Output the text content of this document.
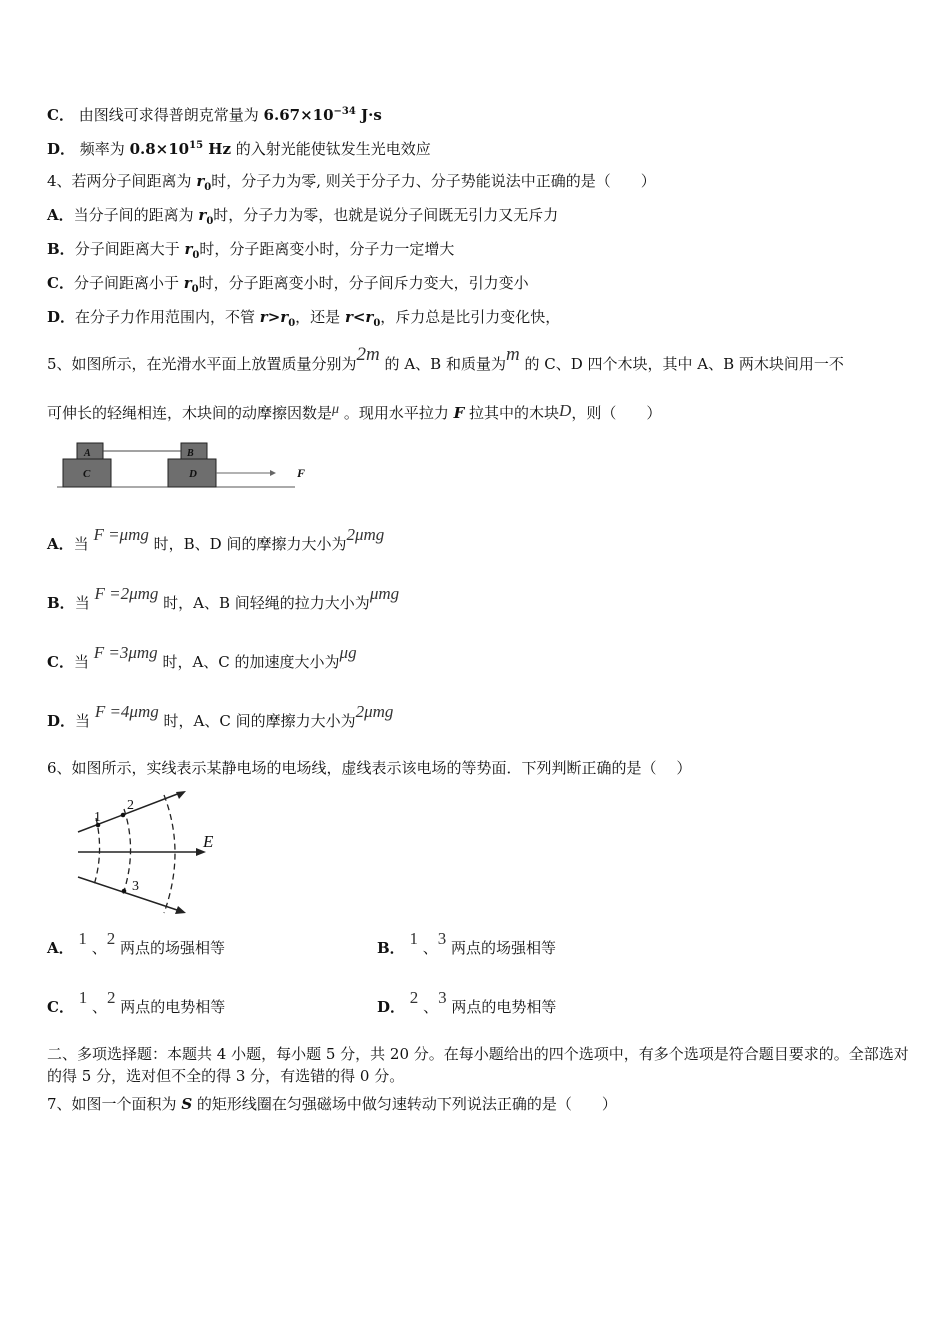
C． 由图线可求得普朗克常量为 $6.67\times 10^{-34}$ J·s
D． 频率为 $0.8\times 10^{15}$ Hz 的入射光能使钛发生光电效应
4、若两分子间距离为 $r_0$时，分子力为零, 则关于分子力、分子势能说法中正确的是（　　）
A．当分子间的距离为 $r_0$时，分子力为零，也就是说分子间既无引力又无斥力
B．分子间距离大于 $r_0$时，分子距离变小时，分子力一定增大
C．分子间距离小于 $r_0$时，分子距离变小时，分子间斥力变大，引力变小
D．在分子力作用范围内，不管 $r>r_0$，还是 $r<r_0$，斥力总是比引力变化快，
5、如图所示，在光滑水平面上放置质量分别为2m 的 A、B 和质量为m 的 C、D 四个木块，其中 A、B 两木块间用一不
可伸长的轻绳相连，木块间的动摩擦因数是μ 。现用水平拉力 F 拉其中的木块D，则（　　）
A
C
B
D	F
A．当 F =μmg 时，B、D 间的摩擦力大小为2μmg
B．当 F =2μmg 时，A、B 间轻绳的拉力大小为μmg
C．当 F =3μmg 时，A、C 的加速度大小为μg
D．当 F =4μmg 时，A、C 间的摩擦力大小为2μmg
6、如图所示，实线表示某静电场的电场线，虚线表示该电场的等势面．下列判断正确的是（　 ）
1
2
3
E
A． 1 、2 两点的场强相等	B． 1 、3 两点的场强相等
C． 1 、2 两点的电势相等	D． 2 、3 两点的电势相等
二、多项选择题：本题共 4 小题，每小题 5 分，共 20 分。在每小题给出的四个选项中，有多个选项是符合题目要求的。全部选对的得 5 分，选对但不全的得 3 分，有选错的得 0 分。
7、如图一个面积为 S 的矩形线圈在匀强磁场中做匀速转动下列说法正确的是（　　）
